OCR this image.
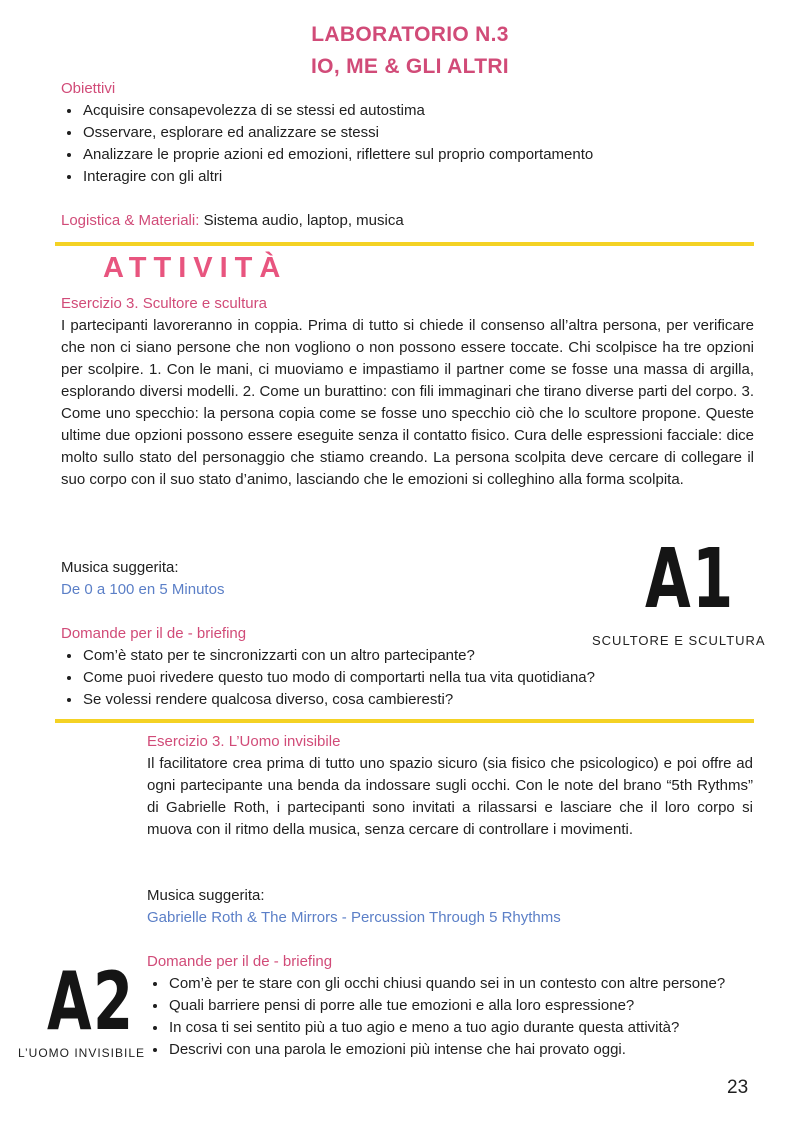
LABORATORIO N.3
IO, ME & GLI ALTRI
Obiettivi
• Acquisire consapevolezza di se stessi ed autostima
• Osservare, esplorare ed analizzare se stessi
• Analizzare le proprie azioni ed emozioni, riflettere sul proprio comportamento
• Interagire con gli altri
Logistica & Materiali: Sistema audio, laptop, musica
ATTIVITÀ
Esercizio 3. Scultore e scultura

I partecipanti lavoreranno in coppia. Prima di tutto si chiede il consenso all’altra persona, per verificare che non ci siano persone che non vogliono o non possono essere toccate. Chi scolpisce ha tre opzioni per scolpire. 1. Con le mani, ci muoviamo e impastiamo il partner come se fosse una massa di argilla, esplorando diversi modelli. 2. Come un burattino: con fili immaginari che tirano diverse parti del corpo. 3. Come uno specchio: la persona copia come se fosse uno specchio ciò che lo scultore propone. Queste ultime due opzioni possono essere eseguite senza il contatto fisico. Cura delle espressioni facciale: dice molto sullo stato del personaggio che stiamo creando. La persona scolpita deve cercare di collegare il suo corpo con il suo stato d’animo, lasciando che le emozioni si colleghino alla forma scolpita.

Musica suggerita:
De 0 a 100 en 5 Minutos
Domande per il de - briefing
• Com’è stato per te sincronizzarti con un altro partecipante?
• Come puoi rivedere questo tuo modo di comportarti nella tua vita quotidiana?
• Se volessi rendere qualcosa diverso, cosa cambieresti?
A1
SCULTORE E SCULTURA
Esercizio 3. L’Uomo invisibile

Il facilitatore crea prima di tutto uno spazio sicuro (sia fisico che psicologico) e poi offre ad ogni partecipante una benda da indossare sugli occhi. Con le note del brano “5th Rythms” di Gabrielle Roth, i partecipanti sono invitati a rilassarsi e lasciare che il loro corpo si muova con il ritmo della musica, senza cercare di controllare i movimenti.

Musica suggerita:
Gabrielle Roth & The Mirrors - Percussion Through 5 Rhythms
Domande per il de - briefing
• Com’è per te stare con gli occhi chiusi quando sei in un contesto con altre persone?
• Quali barriere pensi di porre alle tue emozioni e alla loro espressione?
• In cosa ti sei sentito più a tuo agio e meno a tuo agio durante questa attività?
• Descrivi con una parola le emozioni più intense che hai provato oggi.
A2
L’UOMO INVISIBILE
23
